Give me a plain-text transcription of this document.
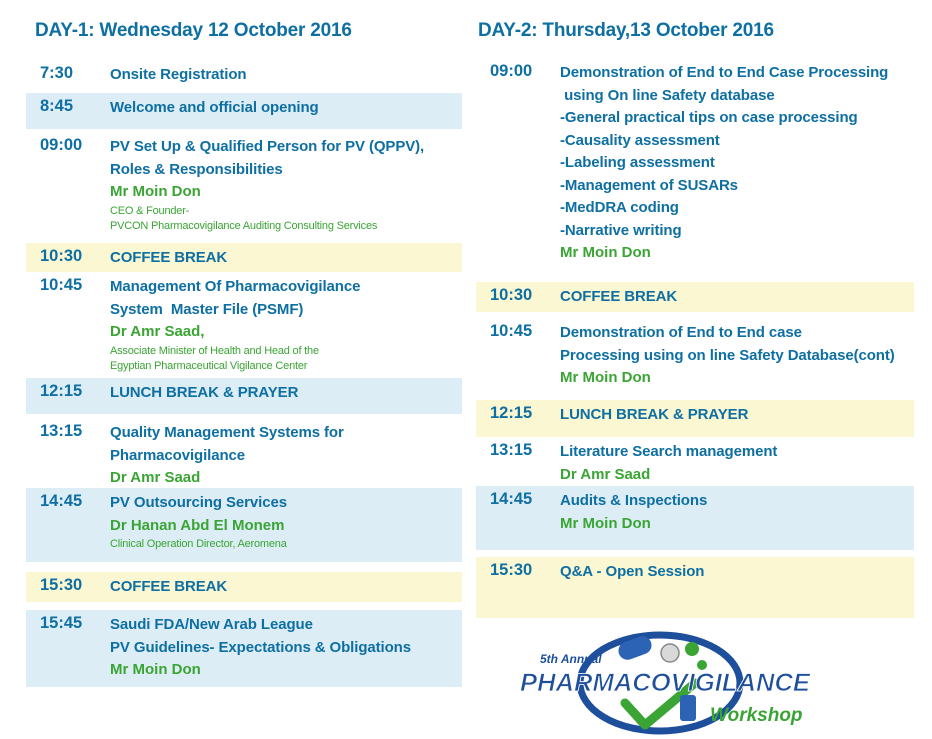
DAY-1: Wednesday 12 October 2016	DAY-2: Thursday,13 October 2016
7:30 Onsite Registration
8:45 Welcome and official opening
09:00 PV Set Up & Qualified Person for PV (QPPV),
Roles & Responsibilities
Mr Moin Don
CEO & Founder-
PVCON Pharmacovigilance Auditing Consulting Services
10:30 COFFEE BREAK
10:45 Management Of Pharmacovigilance
System  Master File (PSMF)
Dr Amr Saad,
Associate Minister of Health and Head of the
Egyptian Pharmaceutical Vigilance Center
12:15 LUNCH BREAK & PRAYER
13:15 Quality Management Systems for
Pharmacovigilance
Dr Amr Saad
14:45 PV Outsourcing Services
Dr Hanan Abd El Monem
Clinical Operation Director, Aeromena
15:30 COFFEE BREAK
15:45 Saudi FDA/New Arab League
PV Guidelines- Expectations & Obligations
Mr Moin Don
09:00 Demonstration of End to End Case Processing
using On line Safety database
-General practical tips on case processing
-Causality assessment
-Labeling assessment
-Management of SUSARs
-MedDRA coding
-Narrative writing
Mr Moin Don
10:30 COFFEE BREAK
10:45 Demonstration of End to End case
Processing using on line Safety Database(cont)
Mr Moin Don
12:15 LUNCH BREAK & PRAYER
13:15 Literature Search management
Dr Amr Saad
14:45 Audits & Inspections
Mr Moin Don
15:30 Q&A - Open Session
5th Annual
PHARMACOVIGILANCE
Workshop
